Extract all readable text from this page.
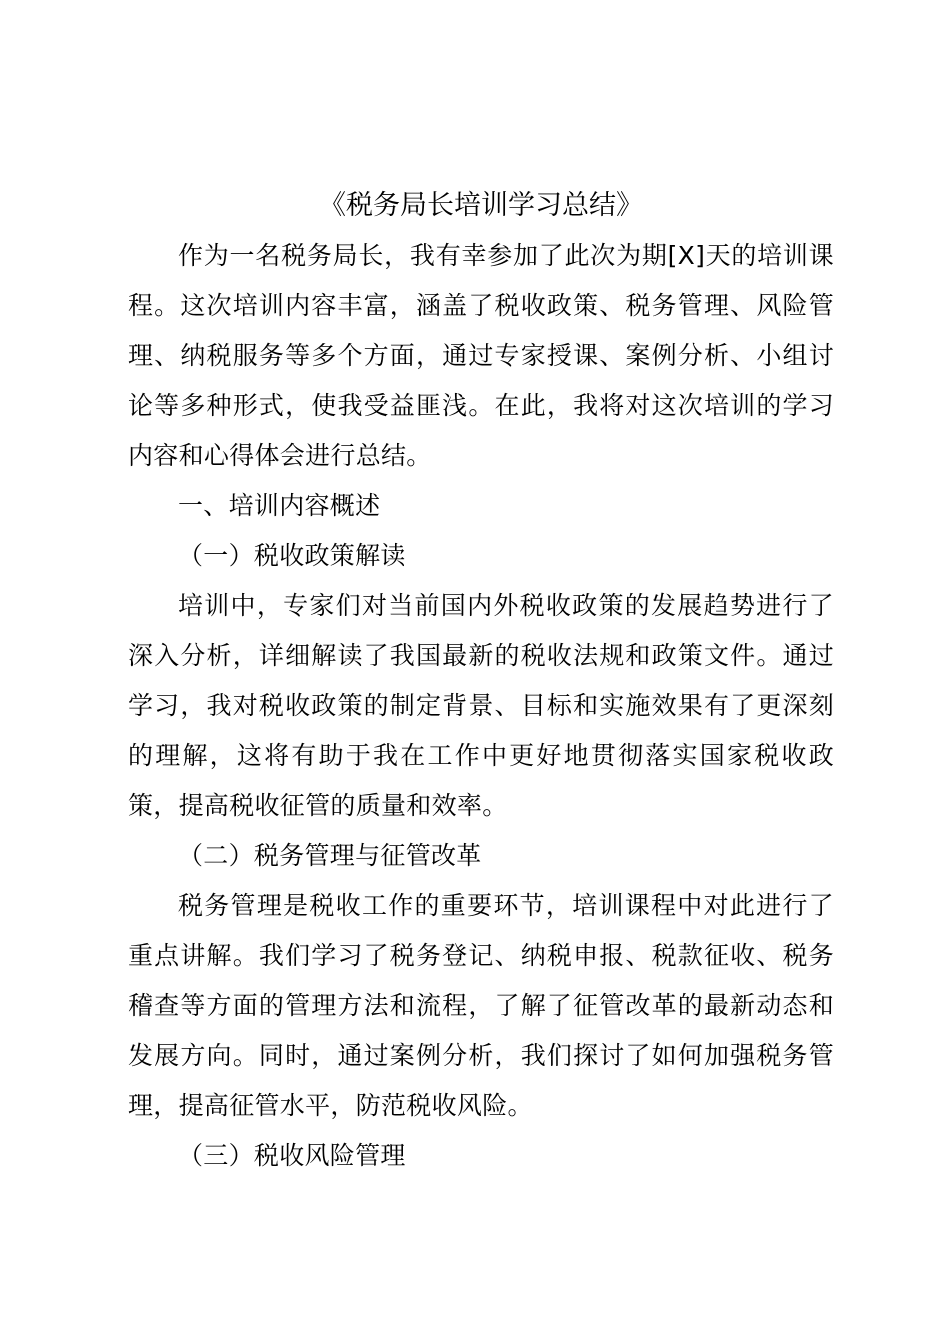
《税务局长培训学习总结》

作为一名税务局长，我有幸参加了此次为期[X]天的培训课程。这次培训内容丰富，涵盖了税收政策、税务管理、风险管理、纳税服务等多个方面，通过专家授课、案例分析、小组讨论等多种形式，使我受益匪浅。在此，我将对这次培训的学习内容和心得体会进行总结。

一、培训内容概述

（一）税收政策解读

培训中，专家们对当前国内外税收政策的发展趋势进行了深入分析，详细解读了我国最新的税收法规和政策文件。通过学习，我对税收政策的制定背景、目标和实施效果有了更深刻的理解，这将有助于我在工作中更好地贯彻落实国家税收政策，提高税收征管的质量和效率。

（二）税务管理与征管改革

税务管理是税收工作的重要环节，培训课程中对此进行了重点讲解。我们学习了税务登记、纳税申报、税款征收、税务稽查等方面的管理方法和流程，了解了征管改革的最新动态和发展方向。同时，通过案例分析，我们探讨了如何加强税务管理，提高征管水平，防范税收风险。

（三）税收风险管理
